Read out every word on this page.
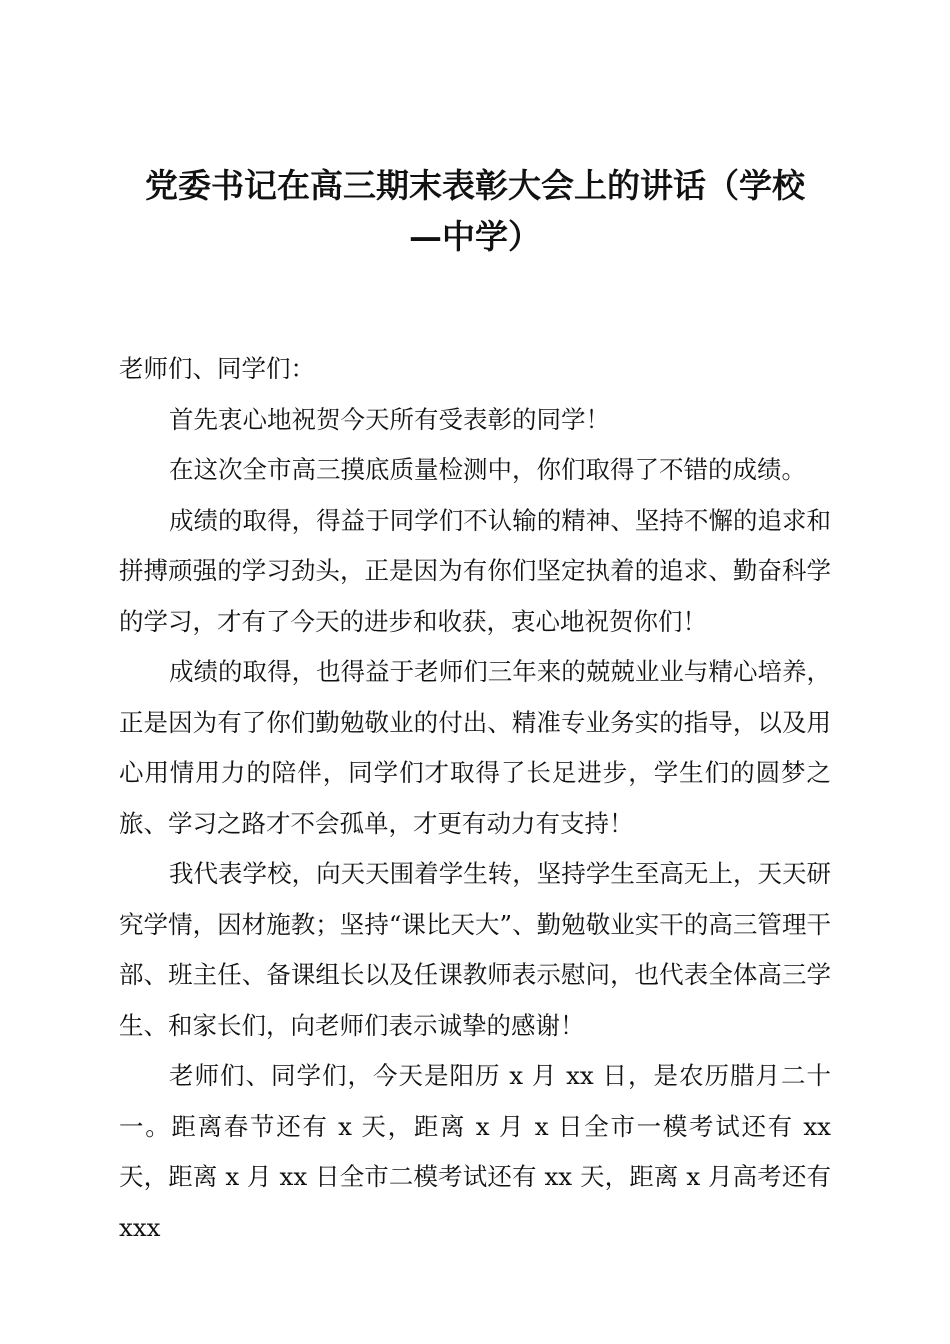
党委书记在高三期末表彰大会上的讲话（学校
—中学）

老师们、同学们：

首先衷心地祝贺今天所有受表彰的同学！

在这次全市高三摸底质量检测中，你们取得了不错的成绩。

成绩的取得，得益于同学们不认输的精神、坚持不懈的追求和拼搏顽强的学习劲头，正是因为有你们坚定执着的追求、勤奋科学的学习，才有了今天的进步和收获，衷心地祝贺你们！

成绩的取得，也得益于老师们三年来的兢兢业业与精心培养，正是因为有了你们勤勉敬业的付出、精准专业务实的指导，以及用心用情用力的陪伴，同学们才取得了长足进步，学生们的圆梦之旅、学习之路才不会孤单，才更有动力有支持！

我代表学校，向天天围着学生转，坚持学生至高无上，天天研究学情，因材施教；坚持“课比天大”、勤勉敬业实干的高三管理干部、班主任、备课组长以及任课教师表示慰问，也代表全体高三学生、和家长们，向老师们表示诚挚的感谢！

老师们、同学们，今天是阳历 x 月 xx 日，是农历腊月二十一。距离春节还有 x 天，距离 x 月 x 日全市一模考试还有 xx 天，距离 x 月 xx 日全市二模考试还有 xx 天，距离 x 月高考还有 xxx
